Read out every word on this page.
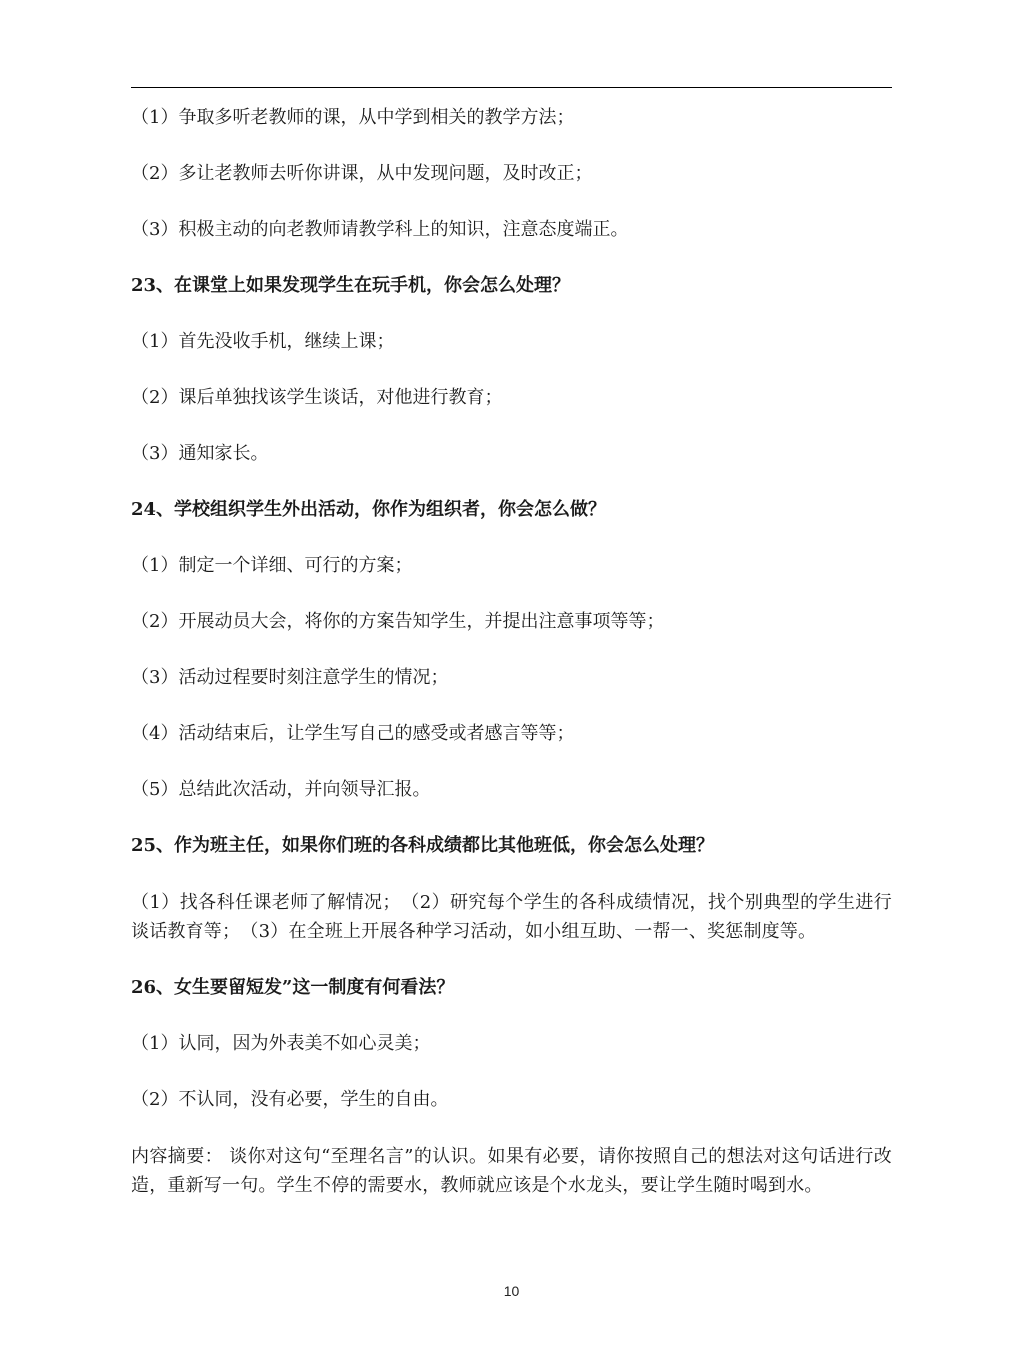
（1）争取多听老教师的课，从中学到相关的教学方法；

（2）多让老教师去听你讲课，从中发现问题，及时改正；

（3）积极主动的向老教师请教学科上的知识，注意态度端正。

23、在课堂上如果发现学生在玩手机，你会怎么处理？

（1）首先没收手机，继续上课；

（2）课后单独找该学生谈话，对他进行教育；

（3）通知家长。

24、学校组织学生外出活动，你作为组织者，你会怎么做？

（1）制定一个详细、可行的方案；

（2）开展动员大会，将你的方案告知学生，并提出注意事项等等；

（3）活动过程要时刻注意学生的情况；

（4）活动结束后，让学生写自己的感受或者感言等等；

（5）总结此次活动，并向领导汇报。

25、作为班主任，如果你们班的各科成绩都比其他班低，你会怎么处理？

（1）找各科任课老师了解情况；　（2）研究每个学生的各科成绩情况，找个别典型的学生进行谈话教育等；　（3）在全班上开展各种学习活动，如小组互助、一帮一、奖惩制度等。

26、女生要留短发”这一制度有何看法？

（1）认同，因为外表美不如心灵美；

（2）不认同，没有必要，学生的自由。

内容摘要： 谈你对这句“至理名言”的认识。如果有必要，请你按照自己的想法对这句话进行改造，重新写一句。学生不停的需要水，教师就应该是个水龙头，要让学生随时喝到水。

10
